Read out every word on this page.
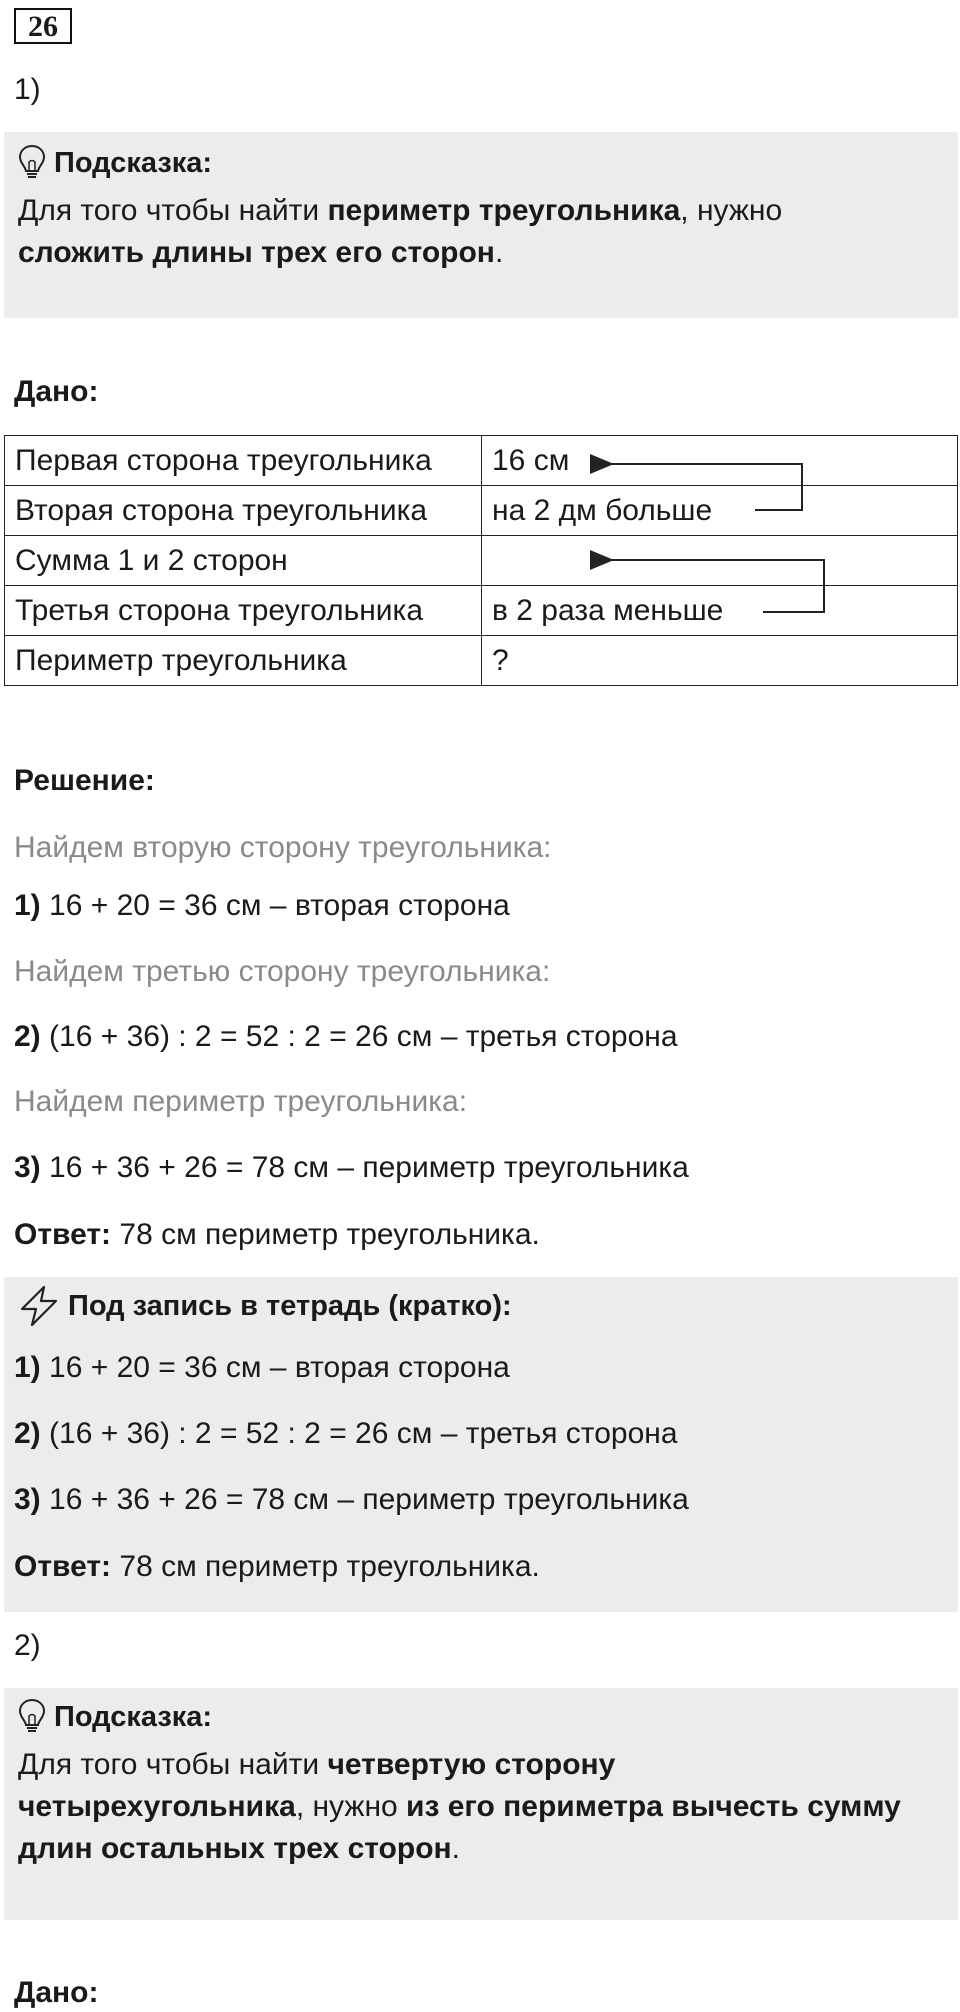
26
1)
Подсказка:
Для того чтобы найти периметр треугольника, нужно
сложить длины трех его сторон.
Дано:
Первая сторона треугольника	16 см
Вторая сторона треугольника	на 2 дм больше
Сумма 1 и 2 сторон	
Третья сторона треугольника	в 2 раза меньше
Периметр треугольника	?
Решение:
Найдем вторую сторону треугольника:
1) 16 + 20 = 36 см – вторая сторона
Найдем третью сторону треугольника:
2) (16 + 36) : 2 = 52 : 2 = 26 см – третья сторона
Найдем периметр треугольника:
3) 16 + 36 + 26 = 78 см – периметр треугольника
Ответ: 78 см периметр треугольника.
Под запись в тетрадь (кратко):
1) 16 + 20 = 36 см – вторая сторона
2) (16 + 36) : 2 = 52 : 2 = 26 см – третья сторона
3) 16 + 36 + 26 = 78 см – периметр треугольника
Ответ: 78 см периметр треугольника.
2)
Подсказка:
Для того чтобы найти четвертую сторону
четырехугольника, нужно из его периметра вычесть сумму
длин остальных трех сторон.
Дано:
